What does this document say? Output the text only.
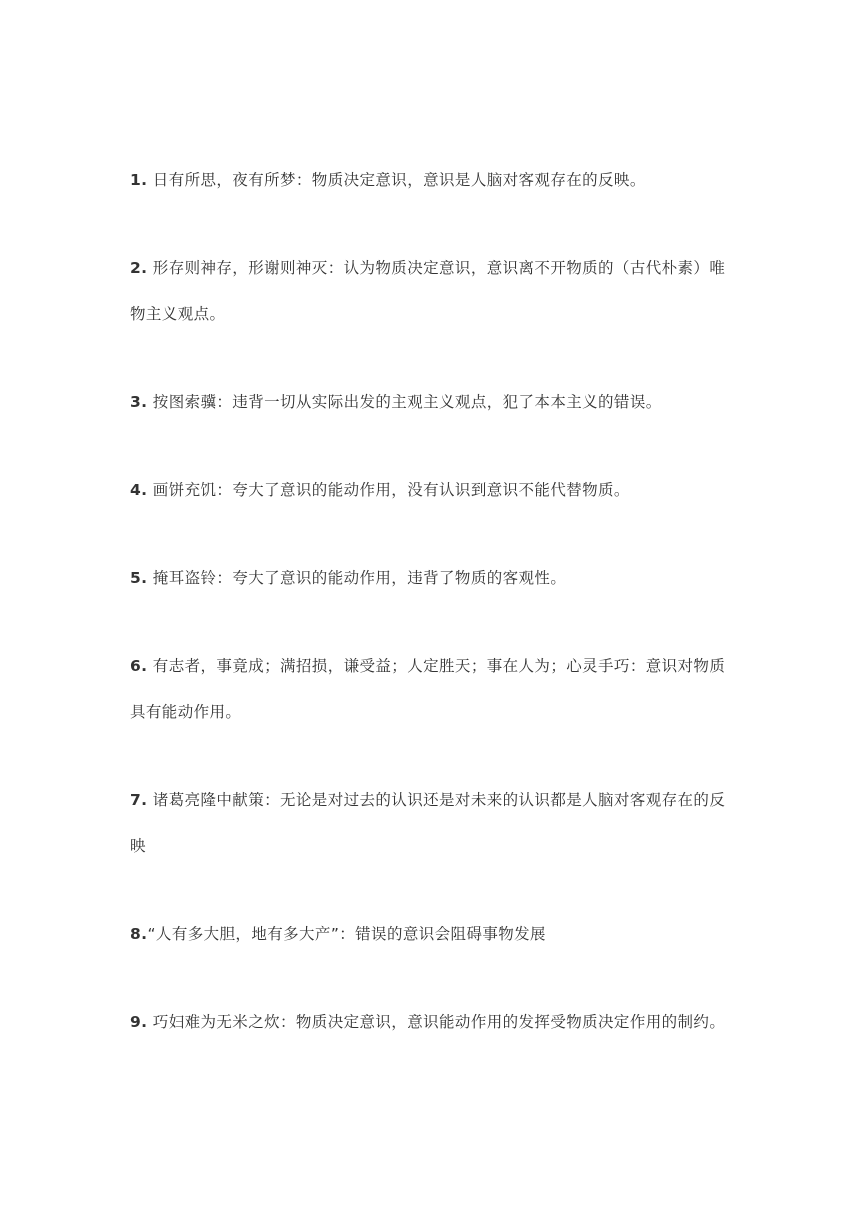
1. 日有所思，夜有所梦：物质决定意识，意识是人脑对客观存在的反映。

2. 形存则神存，形谢则神灭：认为物质决定意识，意识离不开物质的（古代朴素）唯物主义观点。

3. 按图索骥：违背一切从实际出发的主观主义观点，犯了本本主义的错误。

4. 画饼充饥：夸大了意识的能动作用，没有认识到意识不能代替物质。

5. 掩耳盗铃：夸大了意识的能动作用，违背了物质的客观性。

6. 有志者，事竟成；满招损，谦受益；人定胜天；事在人为；心灵手巧：意识对物质具有能动作用。

7. 诸葛亮隆中献策：无论是对过去的认识还是对未来的认识都是人脑对客观存在的反映

8.“人有多大胆，地有多大产”：错误的意识会阻碍事物发展

9. 巧妇难为无米之炊：物质决定意识，意识能动作用的发挥受物质决定作用的制约。
